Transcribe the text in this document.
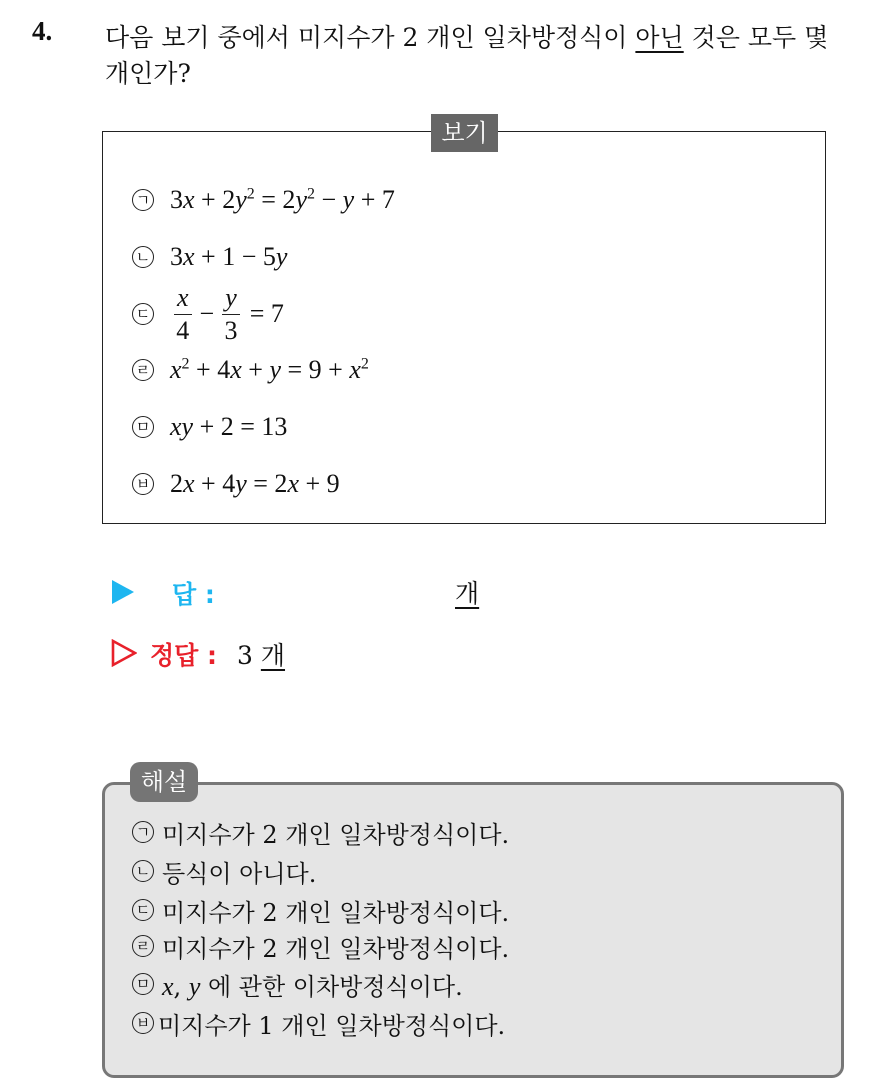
4. 다음 보기 중에서 미지수가 2 개인 일차방정식이 아닌 것은 모두 몇
개인가?
보기
ㄱ $3x + 2y^2 = 2y^2 - y + 7$
ㄴ 3x + 1 − 5y
ㄷ $\frac{x}{4} - \frac{y}{3} = 7$
ㄹ $x^2 + 4x + y = 9 + x^2$
ㅁ xy + 2 = 13
ㅂ 2x + 4y = 2x + 9
답 :	개
정답 : 3 개
해설
ㄱ 미지수가 2 개인 일차방정식이다.
ㄴ 등식이 아니다.
ㄷ 미지수가 2 개인 일차방정식이다.
ㄹ 미지수가 2 개인 일차방정식이다.
ㅁ x, y 에 관한 이차방정식이다.
ㅂ 미지수가 1 개인 일차방정식이다.
